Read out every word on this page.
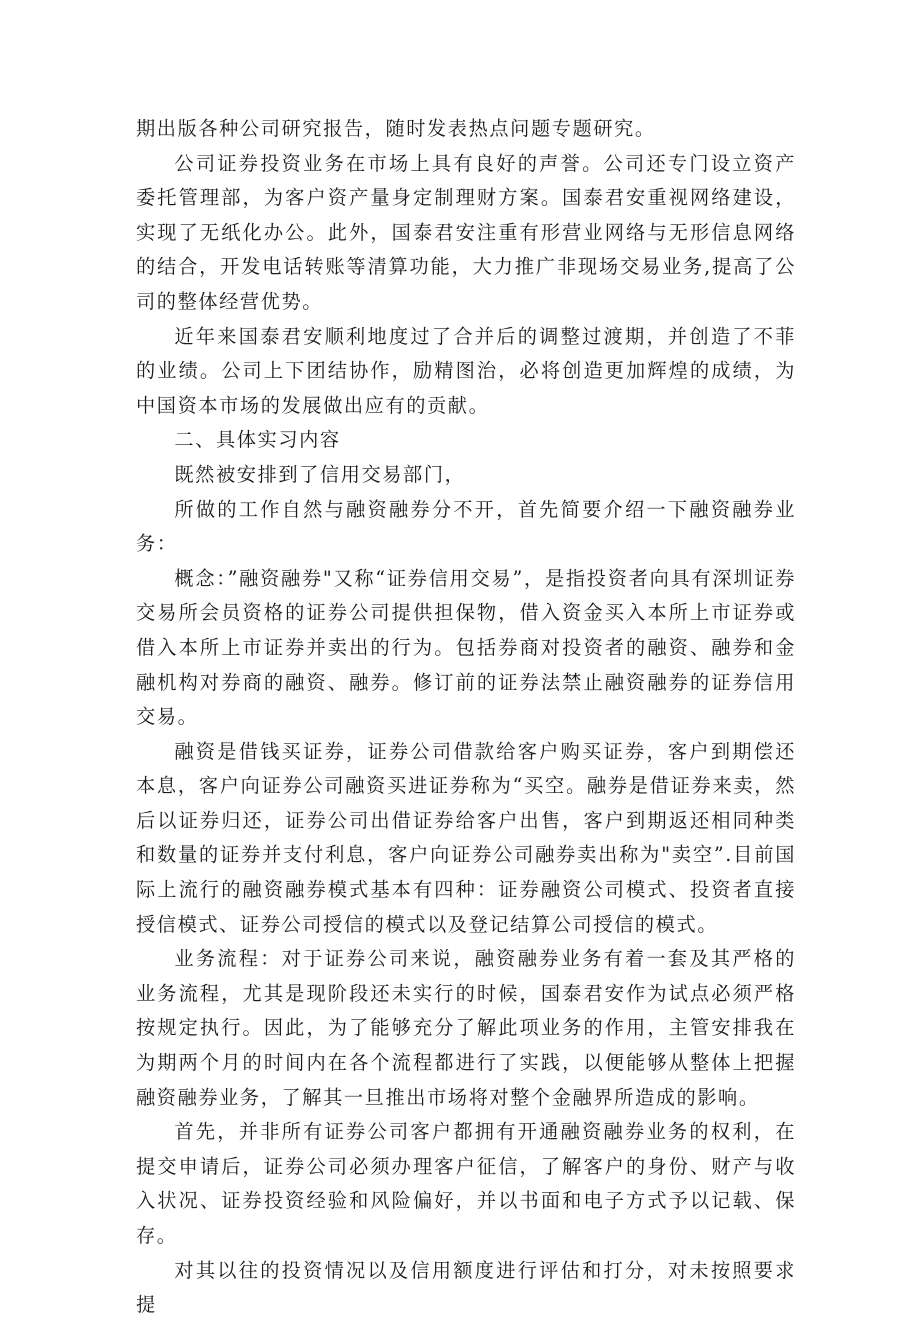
期出版各种公司研究报告，随时发表热点问题专题研究。

公司证券投资业务在市场上具有良好的声誉。公司还专门设立资产委托管理部，为客户资产量身定制理财方案。国泰君安重视网络建设，实现了无纸化办公。此外，国泰君安注重有形营业网络与无形信息网络的结合，开发电话转账等清算功能，大力推广非现场交易业务,提高了公司的整体经营优势。

近年来国泰君安顺利地度过了合并后的调整过渡期，并创造了不菲的业绩。公司上下团结协作，励精图治，必将创造更加辉煌的成绩，为中国资本市场的发展做出应有的贡献。

二、具体实习内容

既然被安排到了信用交易部门，

所做的工作自然与融资融券分不开，首先简要介绍一下融资融券业务：

概念：”融资融券"又称“证券信用交易”，是指投资者向具有深圳证券交易所会员资格的证券公司提供担保物，借入资金买入本所上市证券或借入本所上市证券并卖出的行为。包括券商对投资者的融资、融券和金融机构对券商的融资、融券。修订前的证券法禁止融资融券的证券信用交易。

融资是借钱买证券，证券公司借款给客户购买证券，客户到期偿还本息，客户向证券公司融资买进证券称为“买空。融券是借证券来卖，然后以证券归还，证券公司出借证券给客户出售，客户到期返还相同种类和数量的证券并支付利息，客户向证券公司融券卖出称为"卖空”.目前国际上流行的融资融券模式基本有四种：证券融资公司模式、投资者直接授信模式、证券公司授信的模式以及登记结算公司授信的模式。

业务流程：对于证券公司来说，融资融券业务有着一套及其严格的业务流程，尤其是现阶段还未实行的时候，国泰君安作为试点必须严格按规定执行。因此，为了能够充分了解此项业务的作用，主管安排我在为期两个月的时间内在各个流程都进行了实践，以便能够从整体上把握融资融券业务，了解其一旦推出市场将对整个金融界所造成的影响。

首先，并非所有证券公司客户都拥有开通融资融券业务的权利，在提交申请后，证券公司必须办理客户征信，了解客户的身份、财产与收入状况、证券投资经验和风险偏好，并以书面和电子方式予以记载、保存。

对其以往的投资情况以及信用额度进行评估和打分，对未按照要求提
